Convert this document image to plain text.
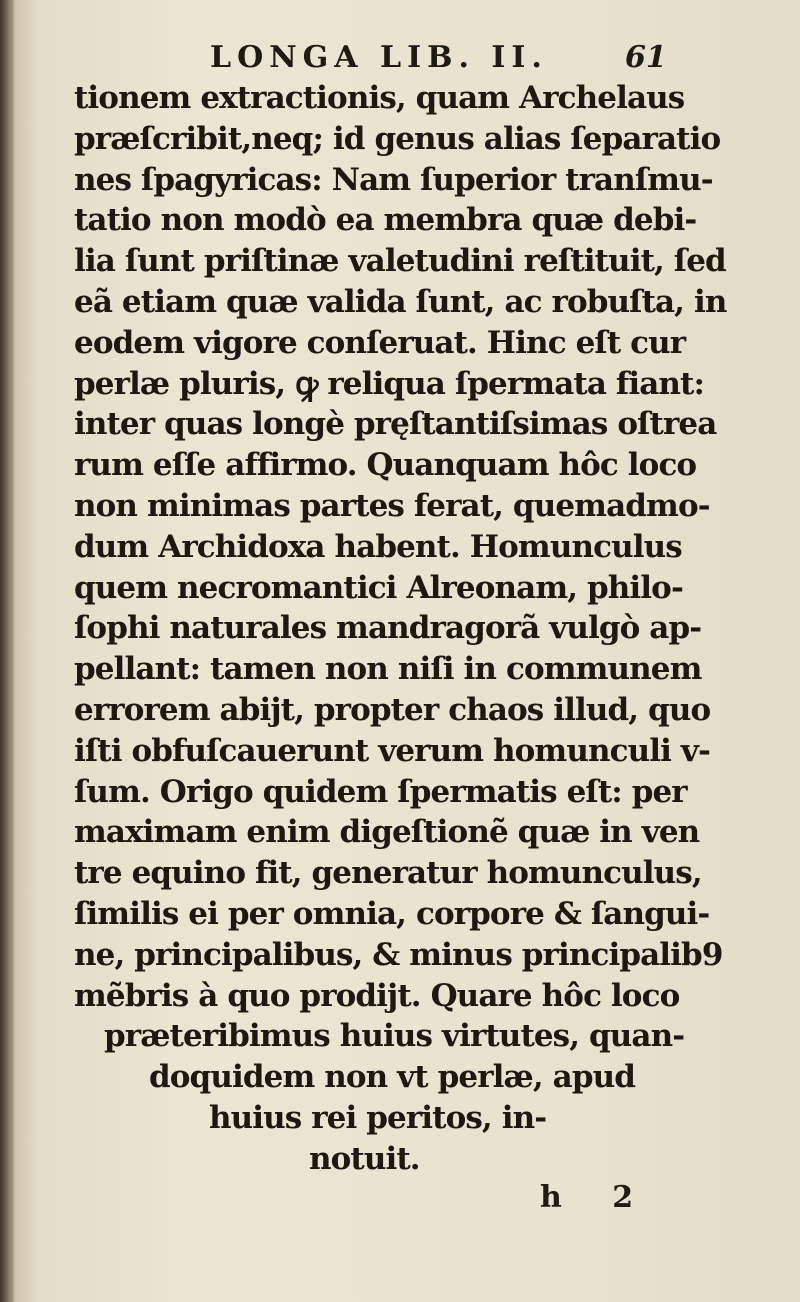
LONGA LIB. II.	61
tionem extractionis, quam Archelaus
præſcribit,neq; id genus alias ſeparatio
nes ſpagyricas: Nam ſuperior tranſmu-
tatio non modò ea membra quæ debi-
lia ſunt priſtinæ valetudini reſtituit, ſed
eã etiam quæ valida ſunt, ac robuſta, in
eodem vigore conſeruat. Hinc eſt cur
perlæ pluris, ꝙ reliqua ſpermata fiant:
inter quas longè pręſtantiſsimas oſtrea
rum eſſe affirmo. Quanquam hôc loco
non minimas partes ferat, quemadmo-
dum Archidoxa habent. Homunculus
quem necromantici Alreonam, philo-
ſophi naturales mandragorã vulgò ap-
pellant: tamen non niſi in communem
errorem abijt, propter chaos illud, quo
iſti obfuſcauerunt verum homunculi v-
ſum. Origo quidem ſpermatis eſt: per
maximam enim digeſtionẽ quæ in ven
tre equino fit, generatur homunculus,
ſimilis ei per omnia, corpore & ſangui-
ne, principalibus, & minus principalib9
mẽbris à quo prodijt. Quare hôc loco
præteribimus huius virtutes, quan-
doquidem non vt perlæ, apud
huius rei peritos, in-
notuit.
h 2
